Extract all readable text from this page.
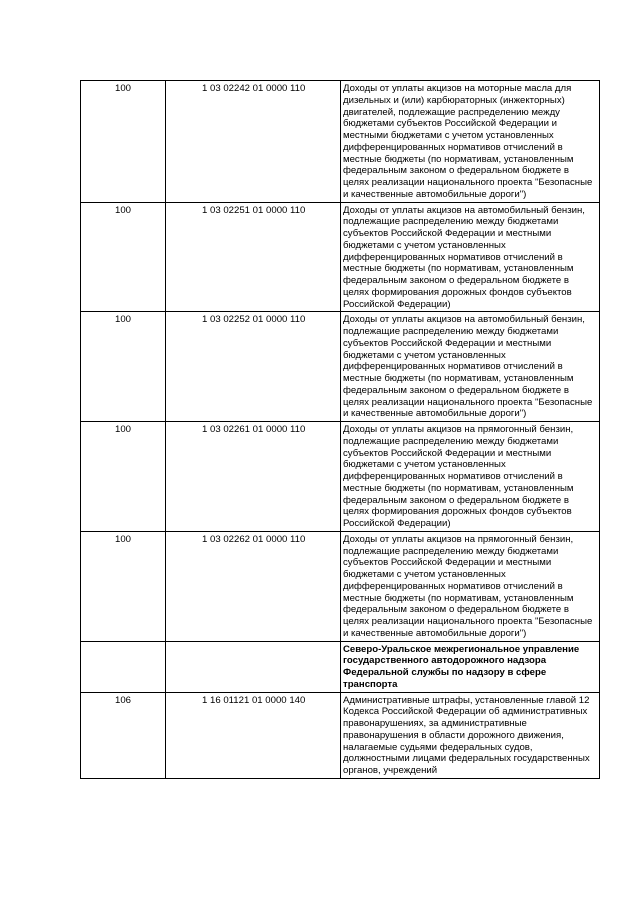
100	1 03 02242 01 0000 110	Доходы от уплаты акцизов на моторные масла для дизельных и (или) карбюраторных (инжекторных) двигателей, подлежащие распределению между бюджетами субъектов Российской Федерации и местными бюджетами с учетом установленных дифференцированных нормативов отчислений в местные бюджеты (по нормативам, установленным федеральным законом о федеральном бюджете в целях реализации национального проекта "Безопасные и качественные автомобильные дороги")
100	1 03 02251 01 0000 110	Доходы от уплаты акцизов на автомобильный бензин, подлежащие распределению между бюджетами субъектов Российской Федерации и местными бюджетами с учетом установленных дифференцированных нормативов отчислений в местные бюджеты (по нормативам, установленным федеральным законом о федеральном бюджете в целях формирования дорожных фондов субъектов Российской Федерации)
100	1 03 02252 01 0000 110	Доходы от уплаты акцизов на автомобильный бензин, подлежащие распределению между бюджетами субъектов Российской Федерации и местными бюджетами с учетом установленных дифференцированных нормативов отчислений в местные бюджеты (по нормативам, установленным федеральным законом о федеральном бюджете в целях реализации национального проекта "Безопасные и качественные автомобильные дороги")
100	1 03 02261 01 0000 110	Доходы от уплаты акцизов на прямогонный бензин, подлежащие распределению между бюджетами субъектов Российской Федерации и местными бюджетами с учетом установленных дифференцированных нормативов отчислений в местные бюджеты (по нормативам, установленным федеральным законом о федеральном бюджете в целях формирования дорожных фондов субъектов Российской Федерации)
100	1 03 02262 01 0000 110	Доходы от уплаты акцизов на прямогонный бензин, подлежащие распределению между бюджетами субъектов Российской Федерации и местными бюджетами с учетом установленных дифференцированных нормативов отчислений в местные бюджеты (по нормативам, установленным федеральным законом о федеральном бюджете в целях реализации национального проекта "Безопасные и качественные автомобильные дороги")
		Северо-Уральское межрегиональное управление государственного автодорожного надзора Федеральной службы по надзору в сфере транспорта
106	1 16 01121 01 0000 140	Административные штрафы, установленные главой 12 Кодекса Российской Федерации об административных правонарушениях, за административные правонарушения в области дорожного движения, налагаемые судьями федеральных судов, должностными лицами федеральных государственных органов, учреждений
